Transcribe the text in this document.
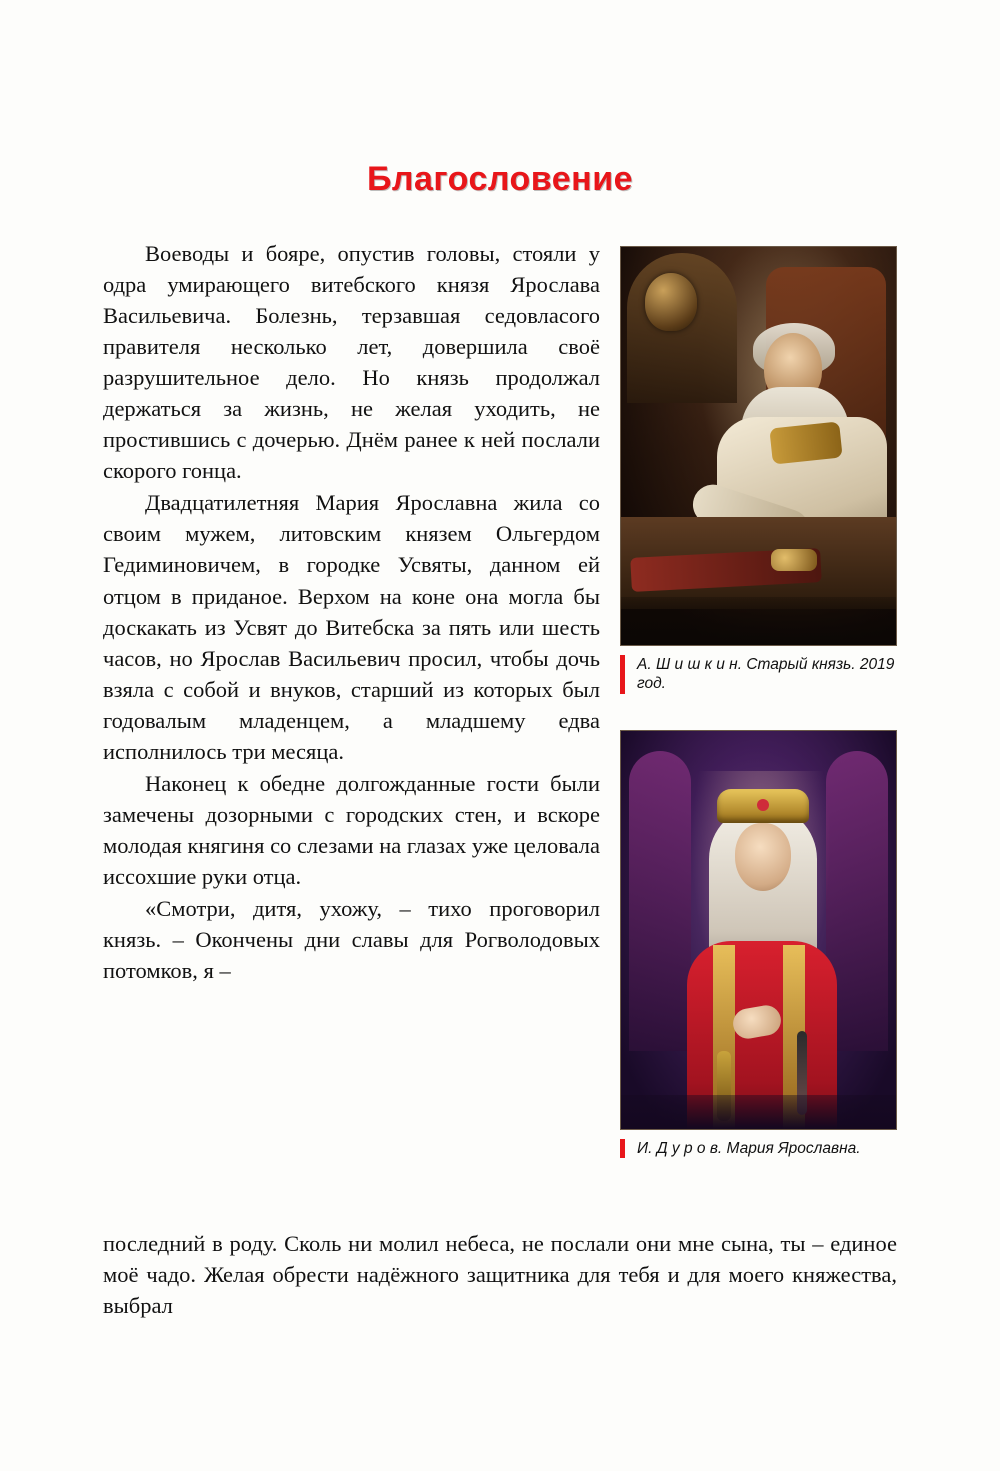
Благословение

Воеводы и бояре, опустив головы, стояли у одра умирающего витебского князя Ярослава Васильевича. Болезнь, терзавшая седовласого правителя несколько лет, довершила своё разрушительное дело. Но князь продолжал держаться за жизнь, не желая уходить, не простившись с дочерью. Днём ранее к ней послали скорого гонца.

Двадцатилетняя Мария Ярославна жила со своим мужем, литовским князем Ольгердом Гедиминовичем, в городке Усвяты, данном ей отцом в приданое. Верхом на коне она могла бы доскакать из Усвят до Витебска за пять или шесть часов, но Ярослав Васильевич просил, чтобы дочь взяла с собой и внуков, старший из которых был годовалым младенцем, а младшему едва исполнилось три месяца.

Наконец к обедне долгожданные гости были замечены дозорными с городских стен, и вскоре молодая княгиня со слезами на глазах уже целовала иссохшие руки отца.

«Смотри, дитя, ухожу, – тихо проговорил князь. – Окончены дни славы для Рогволодовых потомков, я –

последний в роду. Сколь ни молил небеса, не послали они мне сына, ты – единое моё чадо. Желая обрести надёжного защитника для тебя и для моего княжества, выбрал

А. Ш и ш к и н. Старый князь. 2019 год.
И. Д у р о в. Мария Ярославна.
